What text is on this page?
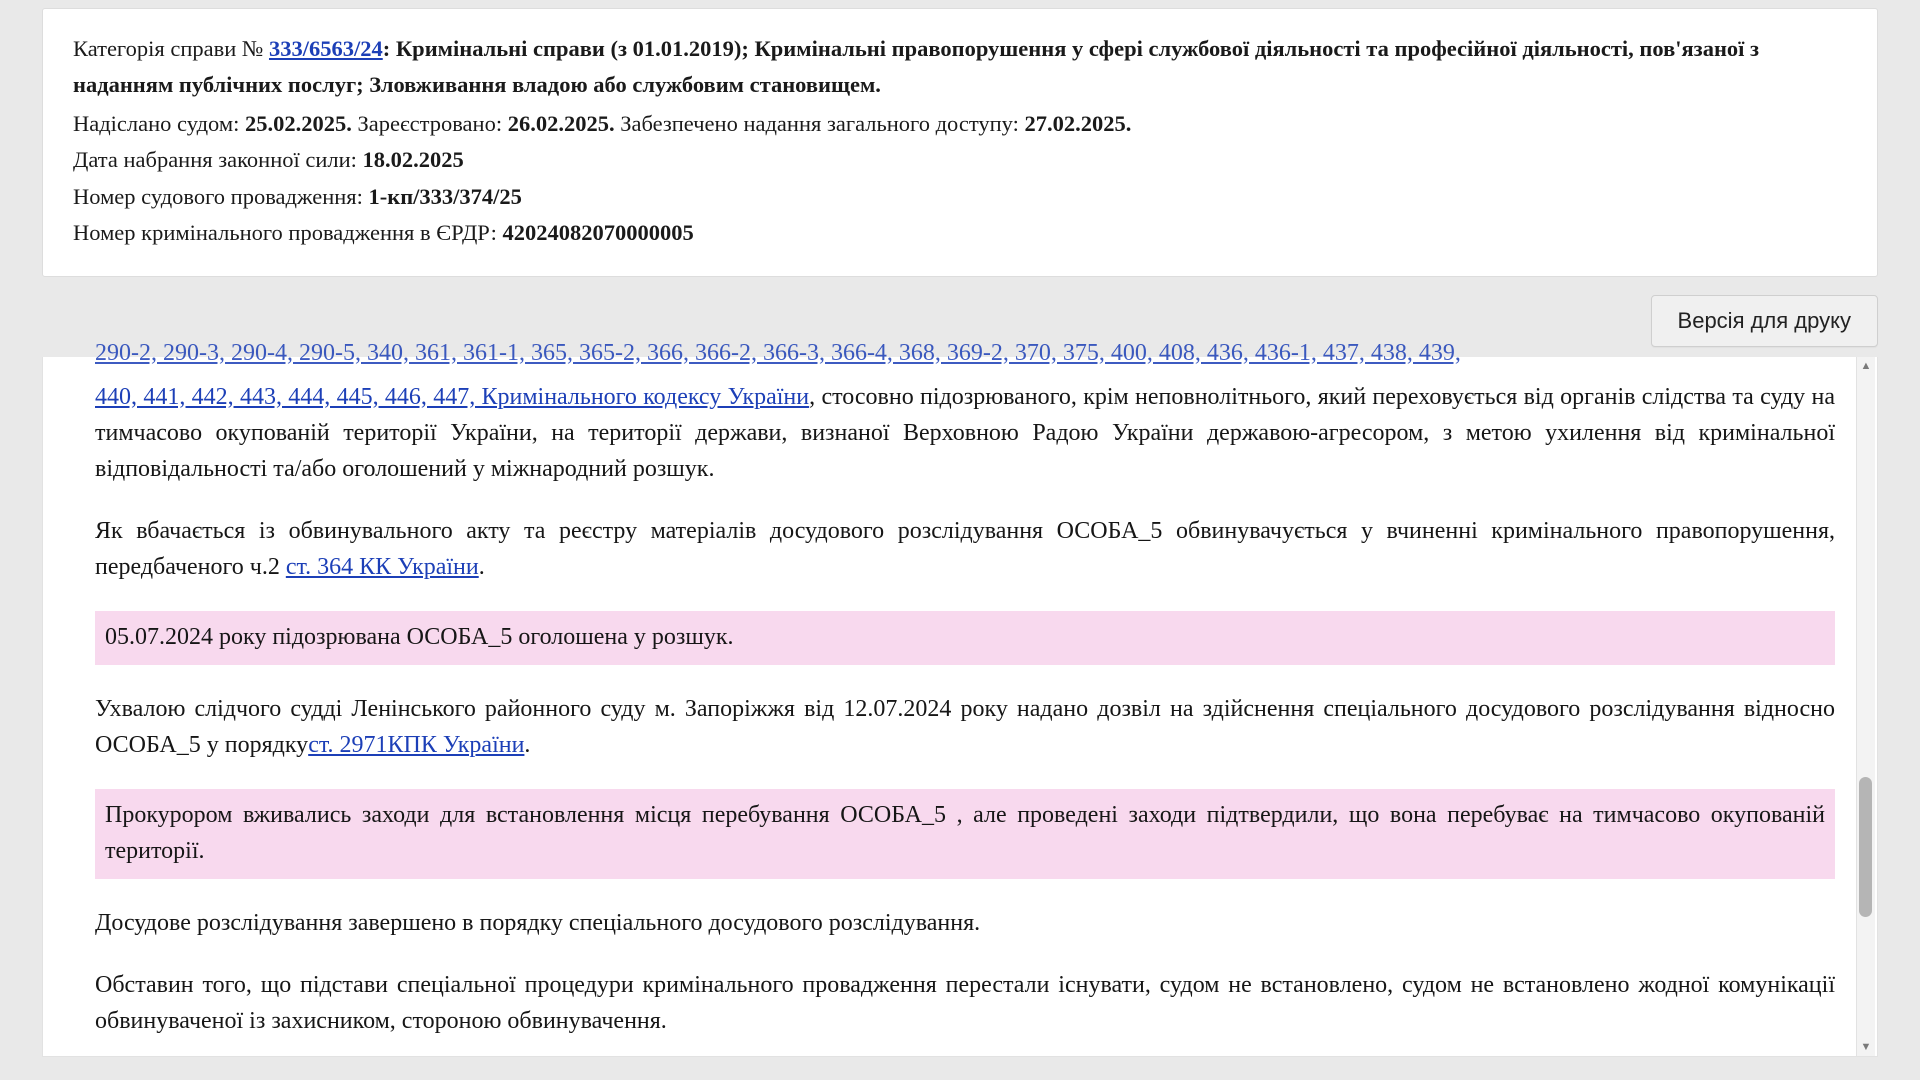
Категорія справи № 333/6563/24: Кримінальні справи (з 01.01.2019); Кримінальні правопорушення у сфері службової діяльності та професійної діяльності, пов'язаної з наданням публічних послуг; Зловживання владою або службовим становищем.
Надіслано судом: 25.02.2025. Зареєстровано: 26.02.2025. Забезпечено надання загального доступу: 27.02.2025.
Дата набрання законної сили: 18.02.2025
Номер судового провадження: 1-кп/333/374/25
Номер кримінального провадження в ЄРДР: 42024082070000005
Версія для друку

290-2, 290-3, 290-4, 290-5, 340, 361, 361-1, 365, 365-2, 366, 366-2, 366-3, 366-4, 368, 369-2, 370, 375, 400, 408, 436, 436-1, 437, 438, 439,

440, 441, 442, 443, 444, 445, 446, 447, Кримінального кодексу України, стосовно підозрюваного, крім неповнолітнього, який переховується від органів слідства та суду на тимчасово окупованій території України, на території держави, визнаної Верховною Радою України державою-агресором, з метою ухилення від кримінальної відповідальності та/або оголошений у міжнародний розшук.

Як вбачається із обвинувального акту та реєстру матеріалів досудового розслідування ОСОБА_5 обвинувачується у вчиненні кримінального правопорушення, передбаченого ч.2 ст. 364 КК України.

05.07.2024 року підозрювана ОСОБА_5 оголошена у розшук.

Ухвалою слідчого судді Ленінського районного суду м. Запоріжжя від 12.07.2024 року надано дозвіл на здійснення спеціального досудового розслідування відносно ОСОБА_5 у порядкуст. 2971КПК України.

Прокурором вживались заходи для встановлення місця перебування ОСОБА_5 , але проведені заходи підтвердили, що вона перебуває на тимчасово окупованій території.

Досудове розслідування завершено в порядку спеціального досудового розслідування.

Обставин того, що підстави спеціальної процедури кримінального провадження перестали існувати, судом не встановлено, судом не встановлено жодної комунікації обвинуваченої із захисником, стороною обвинувачення.

▲
▼
